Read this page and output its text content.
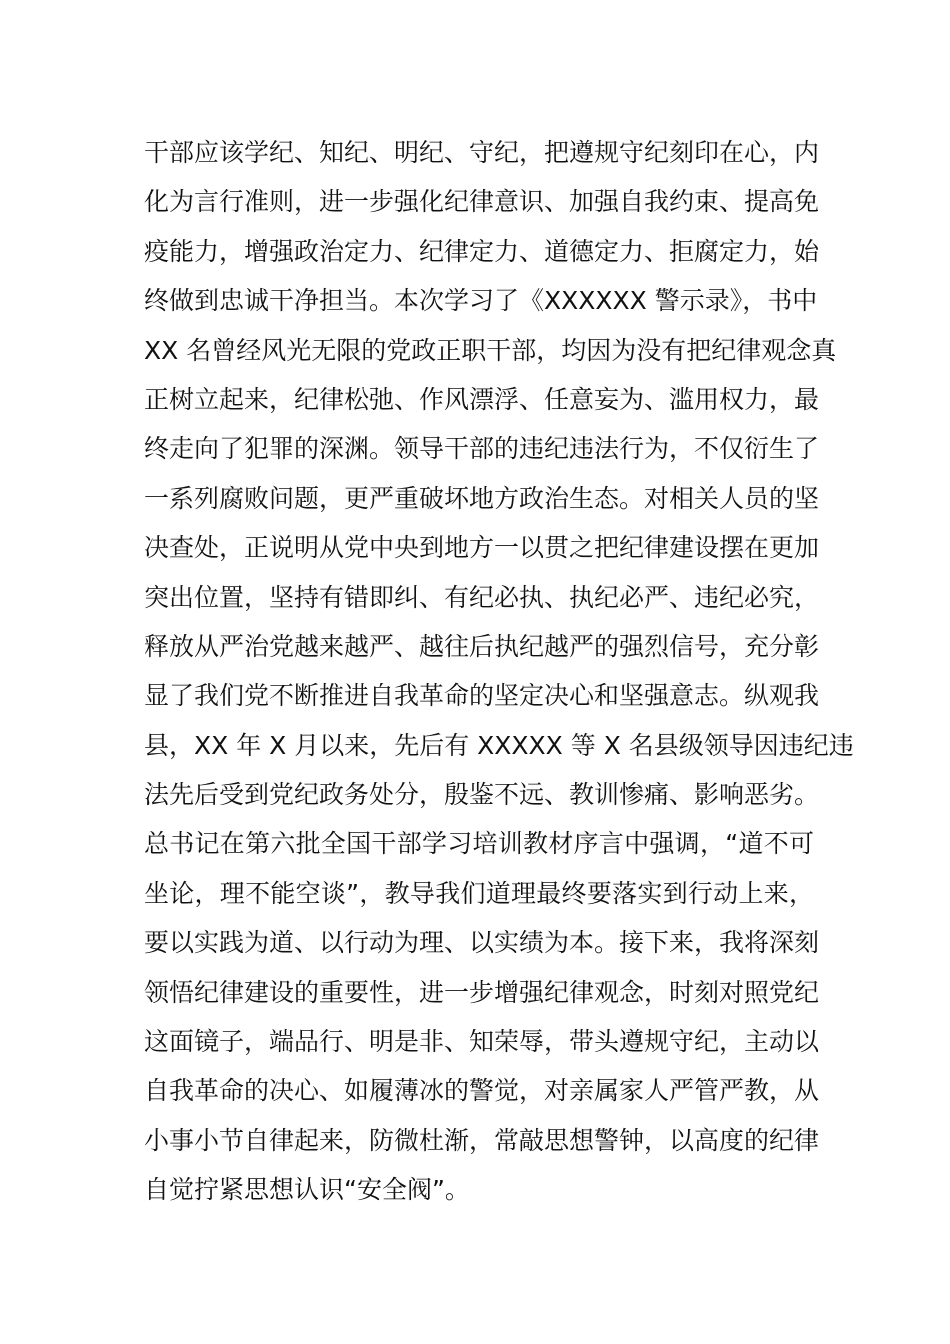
干部应该学纪、知纪、明纪、守纪，把遵规守纪刻印在心，内
化为言行准则，进一步强化纪律意识、加强自我约束、提高免
疫能力，增强政治定力、纪律定力、道德定力、拒腐定力，始
终做到忠诚干净担当。本次学习了《XXXXXX 警示录》，书中
XX 名曾经风光无限的党政正职干部，均因为没有把纪律观念真
正树立起来，纪律松弛、作风漂浮、任意妄为、滥用权力，最
终走向了犯罪的深渊。领导干部的违纪违法行为，不仅衍生了
一系列腐败问题，更严重破坏地方政治生态。对相关人员的坚
决查处，正说明从党中央到地方一以贯之把纪律建设摆在更加
突出位置，坚持有错即纠、有纪必执、执纪必严、违纪必究，
释放从严治党越来越严、越往后执纪越严的强烈信号，充分彰
显了我们党不断推进自我革命的坚定决心和坚强意志。纵观我
县，XX 年 X 月以来，先后有 XXXXX 等 X 名县级领导因违纪违
法先后受到党纪政务处分，殷鉴不远、教训惨痛、影响恶劣。
总书记在第六批全国干部学习培训教材序言中强调，“道不可
坐论，理不能空谈”，教导我们道理最终要落实到行动上来，
要以实践为道、以行动为理、以实绩为本。接下来，我将深刻
领悟纪律建设的重要性，进一步增强纪律观念，时刻对照党纪
这面镜子，端品行、明是非、知荣辱，带头遵规守纪，主动以
自我革命的决心、如履薄冰的警觉，对亲属家人严管严教，从
小事小节自律起来，防微杜渐，常敲思想警钟，以高度的纪律
自觉拧紧思想认识“安全阀”。
